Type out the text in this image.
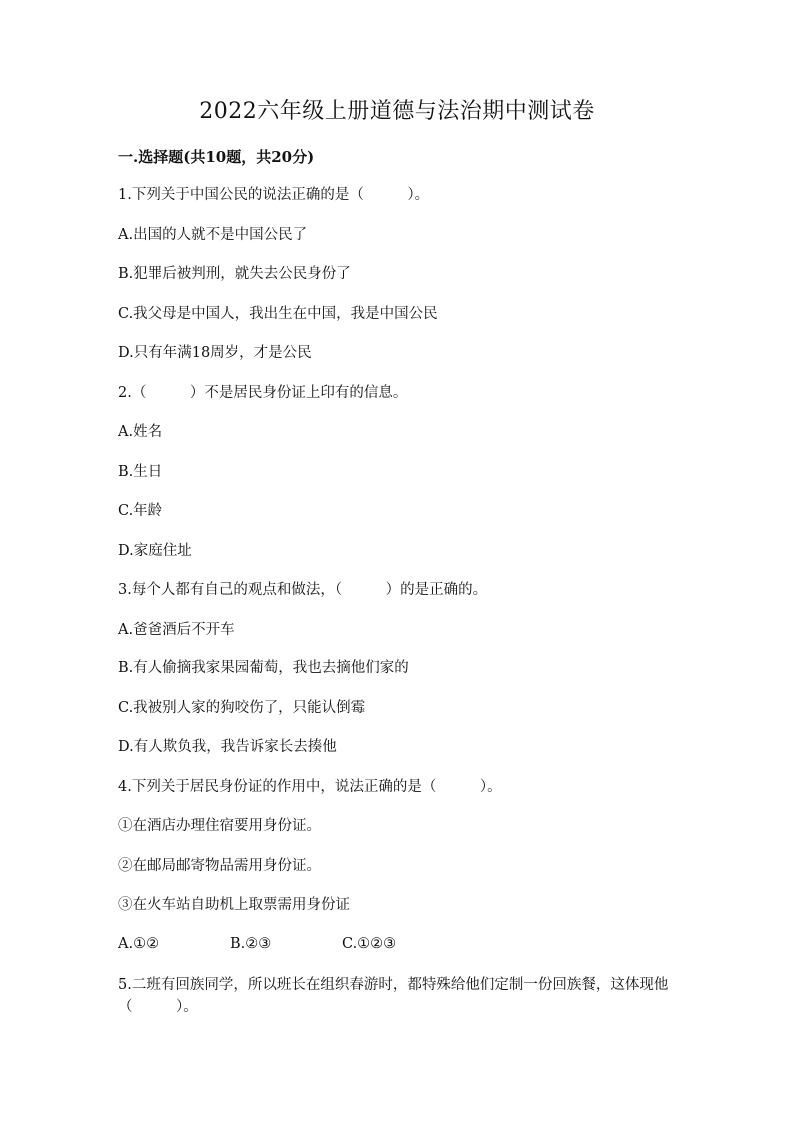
2022六年级上册道德与法治期中测试卷
一.选择题(共10题，共20分)
1.下列关于中国公民的说法正确的是（　　　）。
A.出国的人就不是中国公民了
B.犯罪后被判刑，就失去公民身份了
C.我父母是中国人，我出生在中国，我是中国公民
D.只有年满18周岁，才是公民
2.（　　　）不是居民身份证上印有的信息。
A.姓名
B.生日
C.年龄
D.家庭住址
3.每个人都有自己的观点和做法，（　　　）的是正确的。
A.爸爸酒后不开车
B.有人偷摘我家果园葡萄，我也去摘他们家的
C.我被别人家的狗咬伤了，只能认倒霉
D.有人欺负我，我告诉家长去揍他
4.下列关于居民身份证的作用中，说法正确的是（　　　）。
①在酒店办理住宿要用身份证。
②在邮局邮寄物品需用身份证。
③在火车站自助机上取票需用身份证
A.①②	B.②③	C.①②③
5.二班有回族同学，所以班长在组织春游时，都特殊给他们定制一份回族餐，这体现他（　　　）。
